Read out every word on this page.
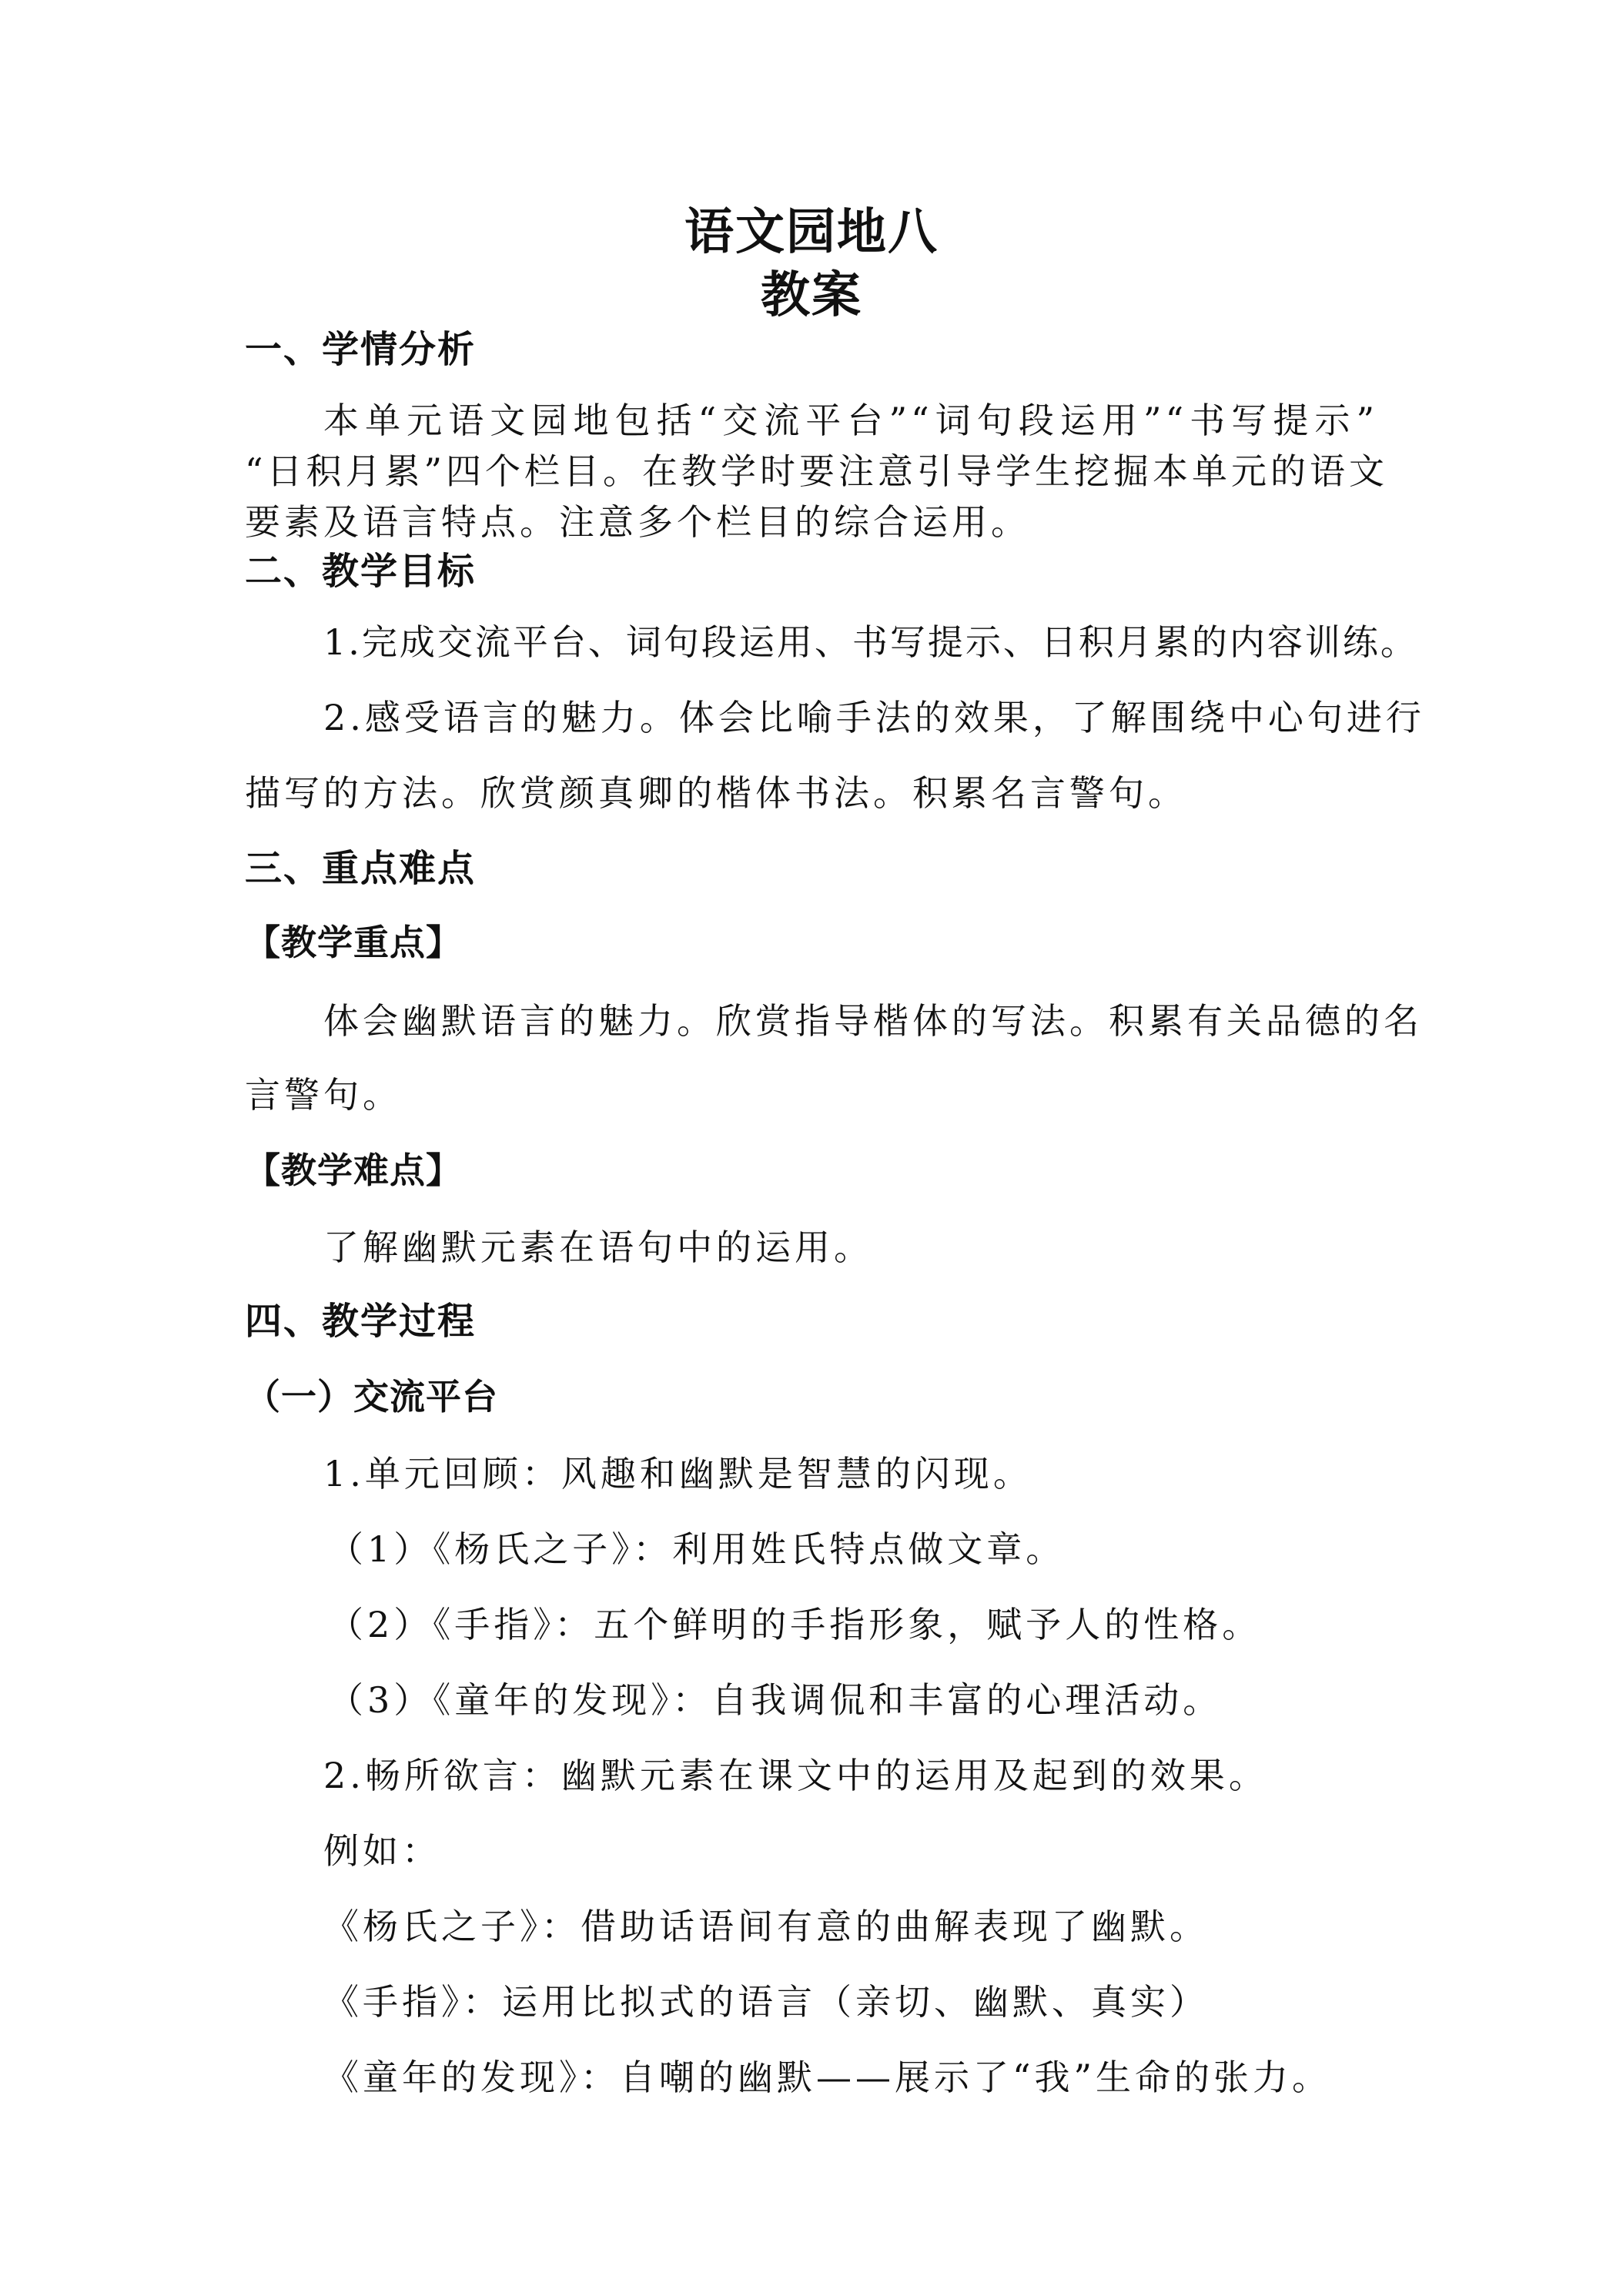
语文园地八
教案
一、学情分析
本单元语文园地包括“交流平台”“词句段运用”“书写提示”
“日积月累”四个栏目。在教学时要注意引导学生挖掘本单元的语文
要素及语言特点。注意多个栏目的综合运用。
二、教学目标
1.完成交流平台、词句段运用、书写提示、日积月累的内容训练。
2.感受语言的魅力。体会比喻手法的效果，了解围绕中心句进行
描写的方法。欣赏颜真卿的楷体书法。积累名言警句。
三、重点难点
【教学重点】
体会幽默语言的魅力。欣赏指导楷体的写法。积累有关品德的名
言警句。
【教学难点】
了解幽默元素在语句中的运用。
四、教学过程
（一）交流平台
1.单元回顾：风趣和幽默是智慧的闪现。
（1）《杨氏之子》：利用姓氏特点做文章。
（2）《手指》：五个鲜明的手指形象，赋予人的性格。
（3）《童年的发现》：自我调侃和丰富的心理活动。
2.畅所欲言：幽默元素在课文中的运用及起到的效果。
例如：
《杨氏之子》：借助话语间有意的曲解表现了幽默。
《手指》：运用比拟式的语言（亲切、幽默、真实）
《童年的发现》：自嘲的幽默——展示了“我”生命的张力。
